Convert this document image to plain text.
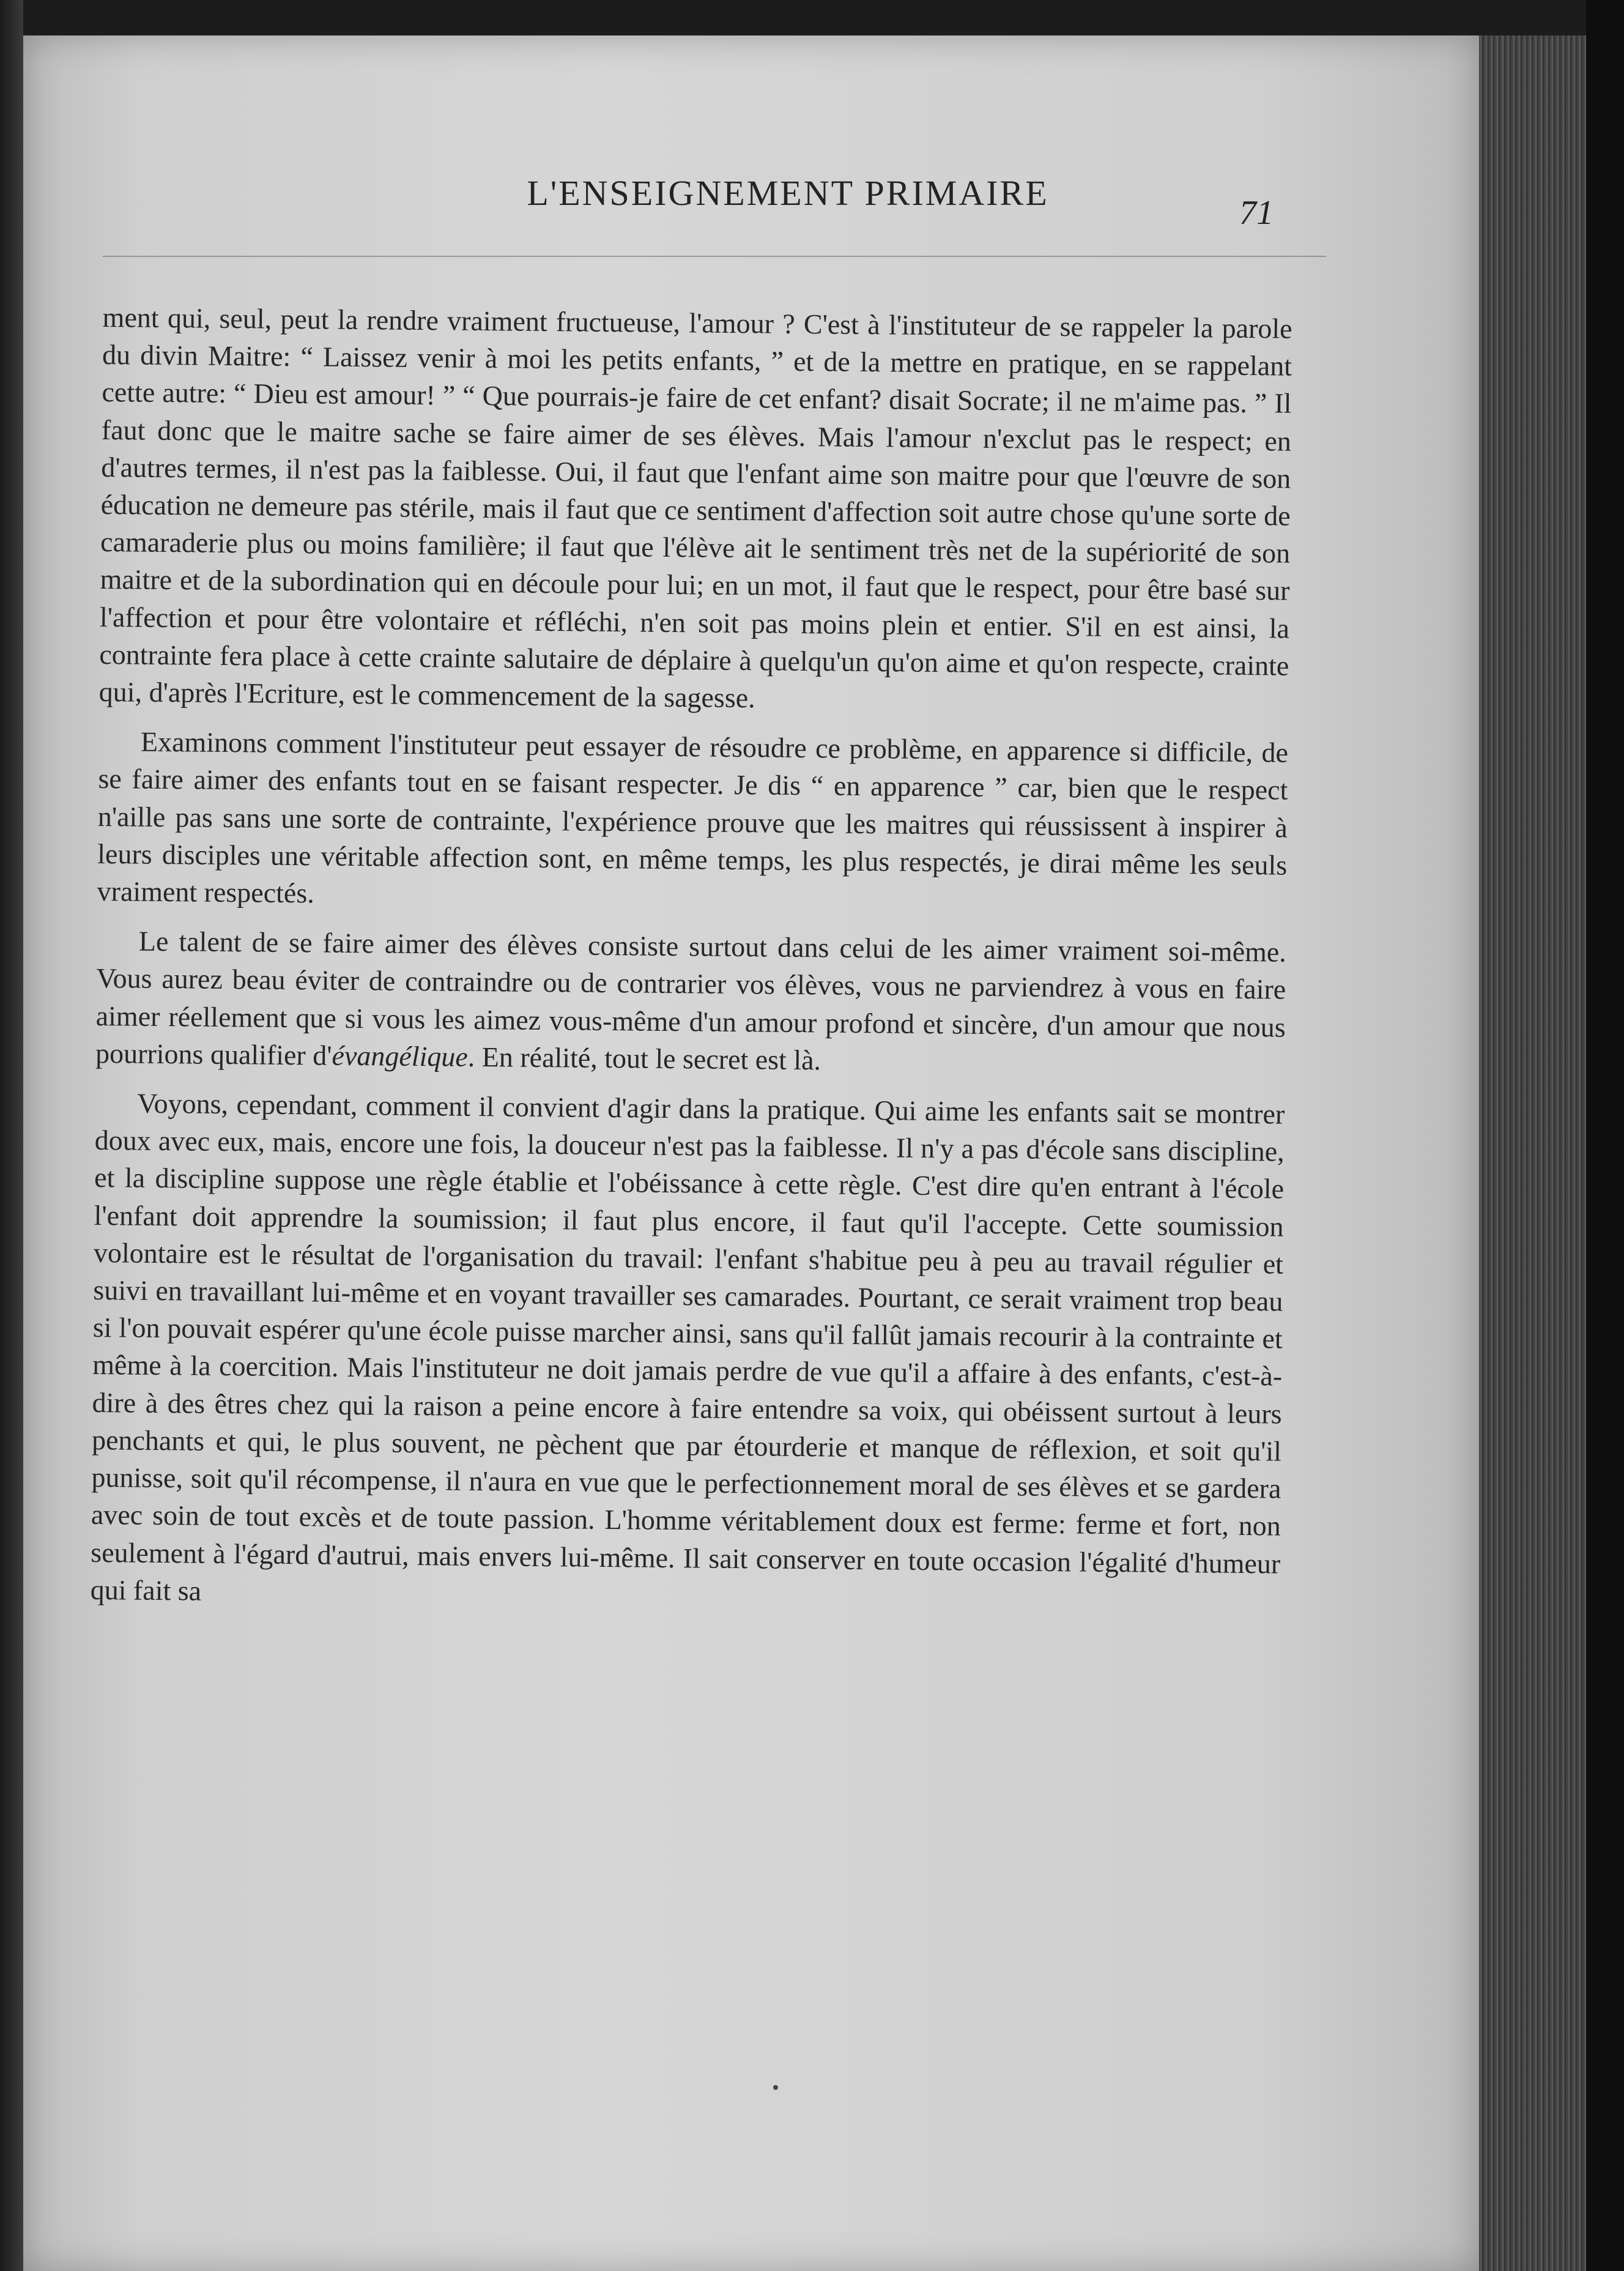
L'ENSEIGNEMENT PRIMAIRE	71

ment qui, seul, peut la rendre vraiment fructueuse, l'amour ? C'est à l'instituteur de se rappeler la parole du divin Maitre: “ Laissez venir à moi les petits enfants, ” et de la mettre en pratique, en se rappelant cette autre: “ Dieu est amour! ” “ Que pourrais-je faire de cet enfant? disait Socrate; il ne m'aime pas. ” Il faut donc que le maitre sache se faire aimer de ses élèves. Mais l'amour n'exclut pas le respect; en d'autres termes, il n'est pas la faiblesse. Oui, il faut que l'enfant aime son maitre pour que l'œuvre de son éducation ne demeure pas stérile, mais il faut que ce sentiment d'affection soit autre chose qu'une sorte de camaraderie plus ou moins familière; il faut que l'élève ait le sentiment très net de la supériorité de son maitre et de la subordination qui en découle pour lui; en un mot, il faut que le respect, pour être basé sur l'affection et pour être volontaire et réfléchi, n'en soit pas moins plein et entier. S'il en est ainsi, la contrainte fera place à cette crainte salutaire de déplaire à quelqu'un qu'on aime et qu'on respecte, crainte qui, d'après l'Ecriture, est le commencement de la sagesse.

Examinons comment l'instituteur peut essayer de résoudre ce problème, en apparence si difficile, de se faire aimer des enfants tout en se faisant respecter. Je dis “ en apparence ” car, bien que le respect n'aille pas sans une sorte de contrainte, l'expérience prouve que les maitres qui réussissent à inspirer à leurs disciples une véritable affection sont, en même temps, les plus respectés, je dirai même les seuls vraiment respectés.

Le talent de se faire aimer des élèves consiste surtout dans celui de les aimer vraiment soi-même. Vous aurez beau éviter de contraindre ou de contrarier vos élèves, vous ne parviendrez à vous en faire aimer réellement que si vous les aimez vous-même d'un amour profond et sincère, d'un amour que nous pourrions qualifier d'évangélique. En réalité, tout le secret est là.

Voyons, cependant, comment il convient d'agir dans la pratique. Qui aime les enfants sait se montrer doux avec eux, mais, encore une fois, la douceur n'est pas la faiblesse. Il n'y a pas d'école sans discipline, et la discipline suppose une règle établie et l'obéissance à cette règle. C'est dire qu'en entrant à l'école l'enfant doit apprendre la soumission; il faut plus encore, il faut qu'il l'accepte. Cette soumission volontaire est le résultat de l'organisation du travail: l'enfant s'habitue peu à peu au travail régulier et suivi en travaillant lui-même et en voyant travailler ses camarades. Pourtant, ce serait vraiment trop beau si l'on pouvait espérer qu'une école puisse marcher ainsi, sans qu'il fallût jamais recourir à la contrainte et même à la coercition. Mais l'instituteur ne doit jamais perdre de vue qu'il a affaire à des enfants, c'est-à-dire à des êtres chez qui la raison a peine encore à faire entendre sa voix, qui obéissent surtout à leurs penchants et qui, le plus souvent, ne pèchent que par étourderie et manque de réflexion, et soit qu'il punisse, soit qu'il récompense, il n'aura en vue que le perfectionnement moral de ses élèves et se gardera avec soin de tout excès et de toute passion. L'homme véritablement doux est ferme: ferme et fort, non seulement à l'égard d'autrui, mais envers lui-même. Il sait conserver en toute occasion l'égalité d'humeur qui fait sa
